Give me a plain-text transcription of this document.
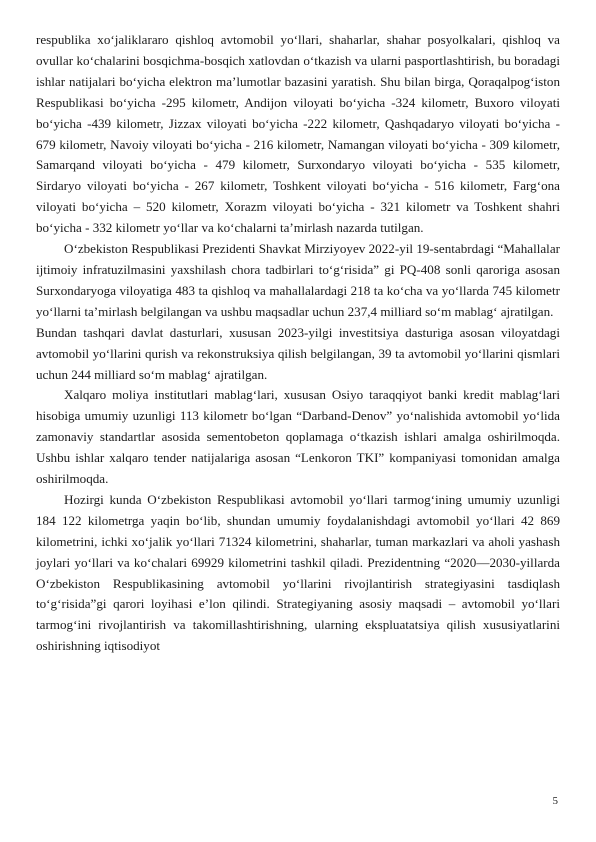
respublika xo‘jaliklararo qishloq avtomobil yo‘llari, shaharlar, shahar posyolkalari, qishloq va ovullar ko‘chalarini bosqichma-bosqich xatlovdan o‘tkazish va ularni pasportlashtirish, bu boradagi ishlar natijalari bo‘yicha elektron ma’lumotlar bazasini yaratish. Shu bilan birga, Qoraqalpog‘iston Respublikasi bo‘yicha -295 kilometr, Andijon viloyati bo‘yicha -324 kilometr, Buxoro viloyati bo‘yicha -439 kilometr, Jizzax viloyati bo‘yicha -222 kilometr, Qashqadaryo viloyati bo‘yicha - 679 kilometr, Navoiy viloyati bo‘yicha - 216 kilometr, Namangan viloyati bo‘yicha - 309 kilometr, Samarqand viloyati bo‘yicha - 479 kilometr, Surxondaryo viloyati bo‘yicha - 535 kilometr, Sirdaryo viloyati bo‘yicha - 267 kilometr, Toshkent viloyati bo‘yicha - 516 kilometr, Farg‘ona viloyati bo‘yicha – 520 kilometr, Xorazm viloyati bo‘yicha - 321 kilometr va Toshkent shahri bo‘yicha - 332 kilometr yo‘llar va ko‘chalarni ta’mirlash nazarda tutilgan.

O‘zbekiston Respublikasi Prezidenti Shavkat Mirziyoyev 2022-yil 19-sentabrdagi “Mahallalar ijtimoiy infratuzilmasini yaxshilash chora tadbirlari to‘g‘risida” gi PQ-408 sonli qaroriga asosan Surxondaryoga viloyatiga 483 ta qishloq va mahallalardagi 218 ta ko‘cha va yo‘llarda 745 kilometr yo‘llarni ta’mirlash belgilangan va ushbu maqsadlar uchun 237,4 milliard so‘m mablag‘ ajratilgan.

Bundan tashqari davlat dasturlari, xususan 2023-yilgi investitsiya dasturiga asosan viloyatdagi avtomobil yo‘llarini qurish va rekonstruksiya qilish belgilangan, 39 ta avtomobil yo‘llarini qismlari uchun 244 milliard so‘m mablag‘ ajratilgan.

Xalqaro moliya institutlari mablag‘lari, xususan Osiyo taraqqiyot banki kredit mablag‘lari hisobiga umumiy uzunligi 113 kilometr bo‘lgan “Darband-Denov” yo‘nalishida avtomobil yo‘lida zamonaviy standartlar asosida sementobeton qoplamaga o‘tkazish ishlari amalga oshirilmoqda. Ushbu ishlar xalqaro tender natijalariga asosan “Lenkoron TKI” kompaniyasi tomonidan amalga oshirilmoqda.

Hozirgi kunda O‘zbekiston Respublikasi avtomobil yo‘llari tarmog‘ining umumiy uzunligi 184 122 kilometrga yaqin bo‘lib, shundan umumiy foydalanishdagi avtomobil yo‘llari 42 869 kilometrini, ichki xo‘jalik yo‘llari 71324 kilometrini, shaharlar, tuman markazlari va aholi yashash joylari yo‘llari va ko‘chalari 69929 kilometrini tashkil qiladi. Prezidentning “2020—2030-yillarda O‘zbekiston Respublikasining avtomobil yo‘llarini rivojlantirish strategiyasini tasdiqlash to‘g‘risida”gi qarori loyihasi e’lon qilindi. Strategiyaning asosiy maqsadi – avtomobil yo‘llari tarmog‘ini rivojlantirish va takomillashtirishning, ularning ekspluatatsiya qilish xususiyatlarini oshirishning iqtisodiyot

5
